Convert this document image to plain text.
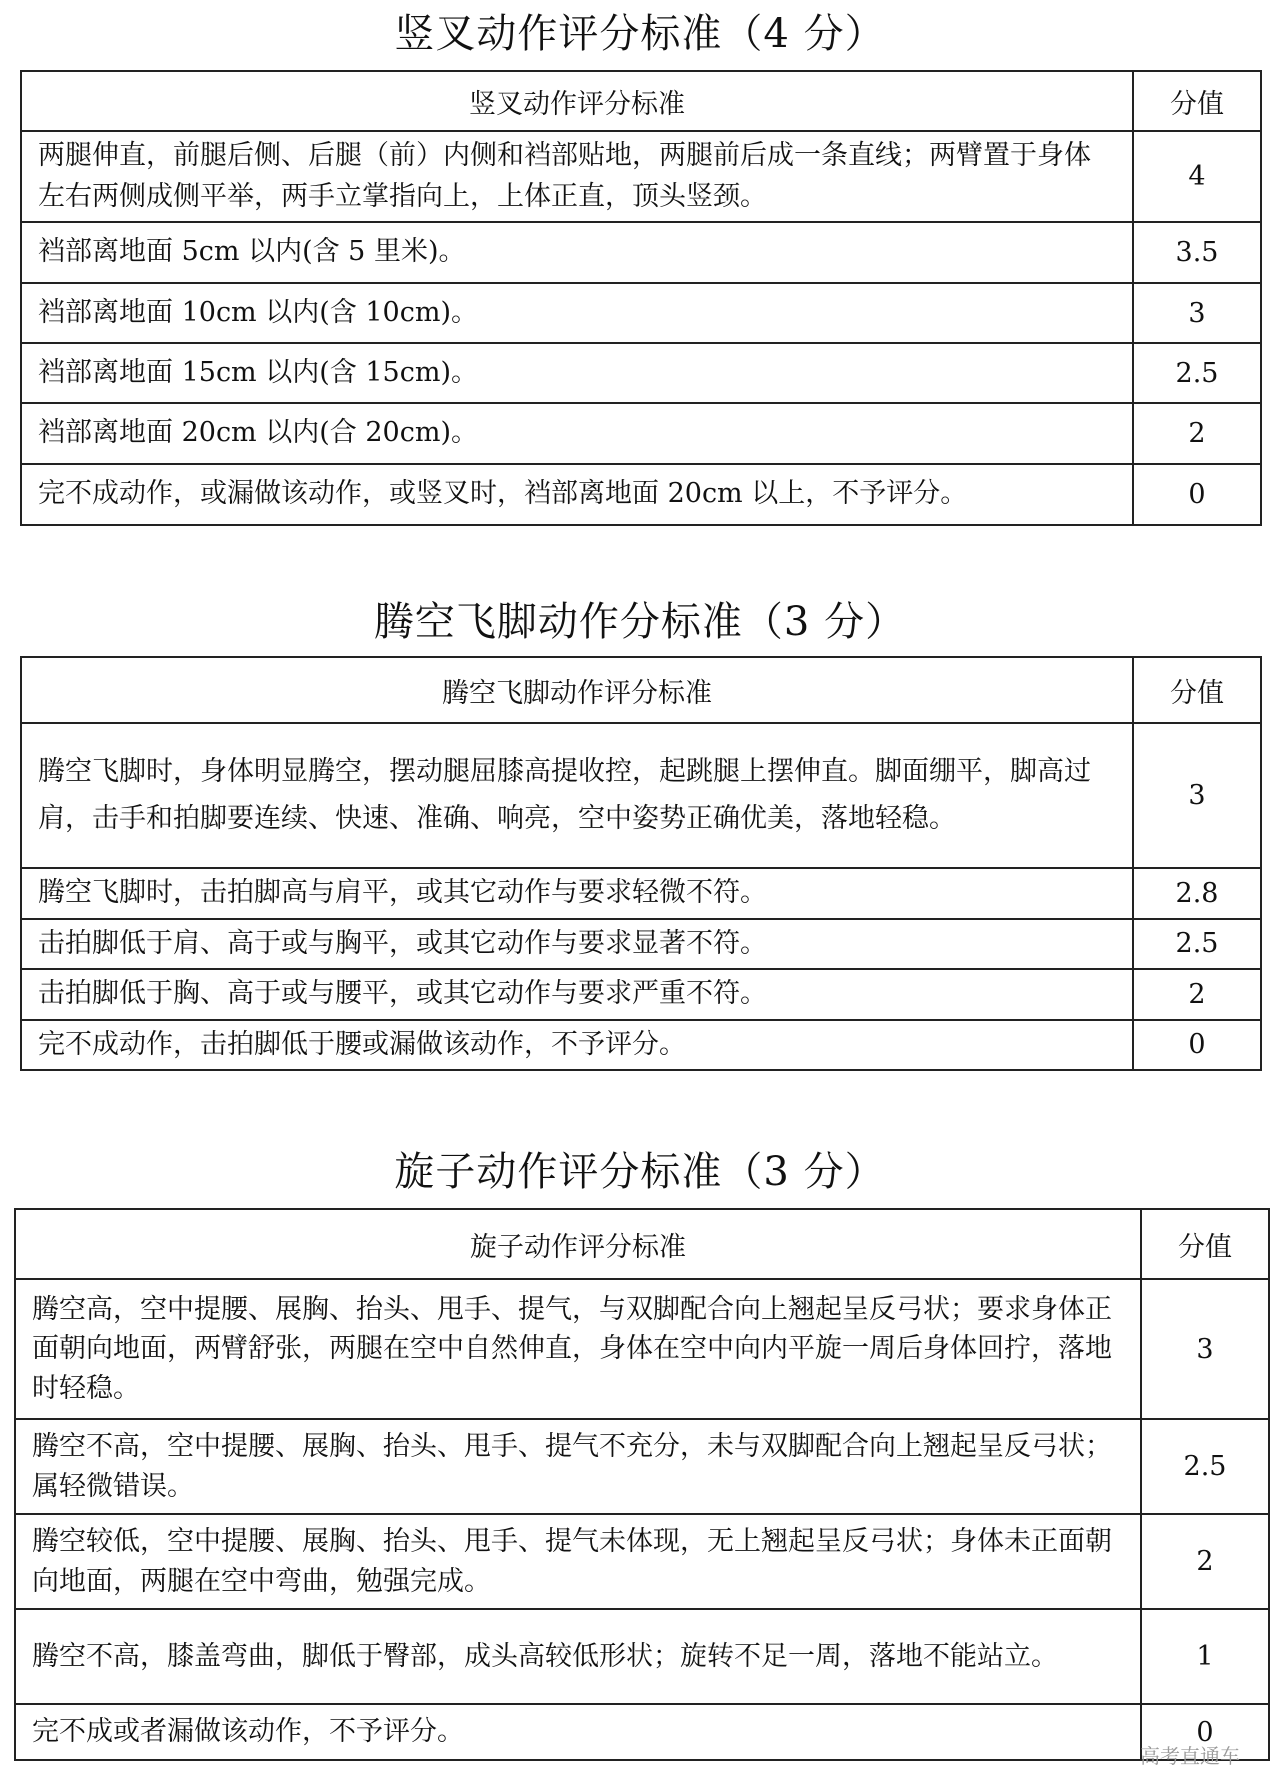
竖叉动作评分标准（4 分）
竖叉动作评分标准	分值
两腿伸直，前腿后侧、后腿（前）内侧和裆部贴地，两腿前后成一条直线；两臂置于身体左右两侧成侧平举，两手立掌指向上，上体正直，顶头竖颈。	4
裆部离地面 5cm 以内(含 5 里米)。	3.5
裆部离地面 10cm 以内(含 10cm)。	3
裆部离地面 15cm 以内(含 15cm)。	2.5
裆部离地面 20cm 以内(合 20cm)。	2
完不成动作，或漏做该动作，或竖叉时，裆部离地面 20cm 以上，不予评分。	0
腾空飞脚动作分标准（3 分）
腾空飞脚动作评分标准	分值
腾空飞脚时，身体明显腾空，摆动腿屈膝高提收控，起跳腿上摆伸直。脚面绷平，脚高过肩，击手和拍脚要连续、快速、准确、响亮，空中姿势正确优美，落地轻稳。	3
腾空飞脚时，击拍脚高与肩平，或其它动作与要求轻微不符。	2.8
击拍脚低于肩、高于或与胸平，或其它动作与要求显著不符。	2.5
击拍脚低于胸、高于或与腰平，或其它动作与要求严重不符。	2
完不成动作，击拍脚低于腰或漏做该动作，不予评分。	0
旋子动作评分标准（3 分）
旋子动作评分标准	分值
腾空高，空中提腰、展胸、抬头、甩手、提气，与双脚配合向上翘起呈反弓状；要求身体正面朝向地面，两臂舒张，两腿在空中自然伸直，身体在空中向内平旋一周后身体回拧，落地时轻稳。	3
腾空不高，空中提腰、展胸、抬头、甩手、提气不充分，未与双脚配合向上翘起呈反弓状；属轻微错误。	2.5
腾空较低，空中提腰、展胸、抬头、甩手、提气未体现，无上翘起呈反弓状；身体未正面朝向地面，两腿在空中弯曲，勉强完成。	2
腾空不高，膝盖弯曲，脚低于臀部，成头高较低形状；旋转不足一周，落地不能站立。	1
完不成或者漏做该动作，不予评分。	0
高考直通车
